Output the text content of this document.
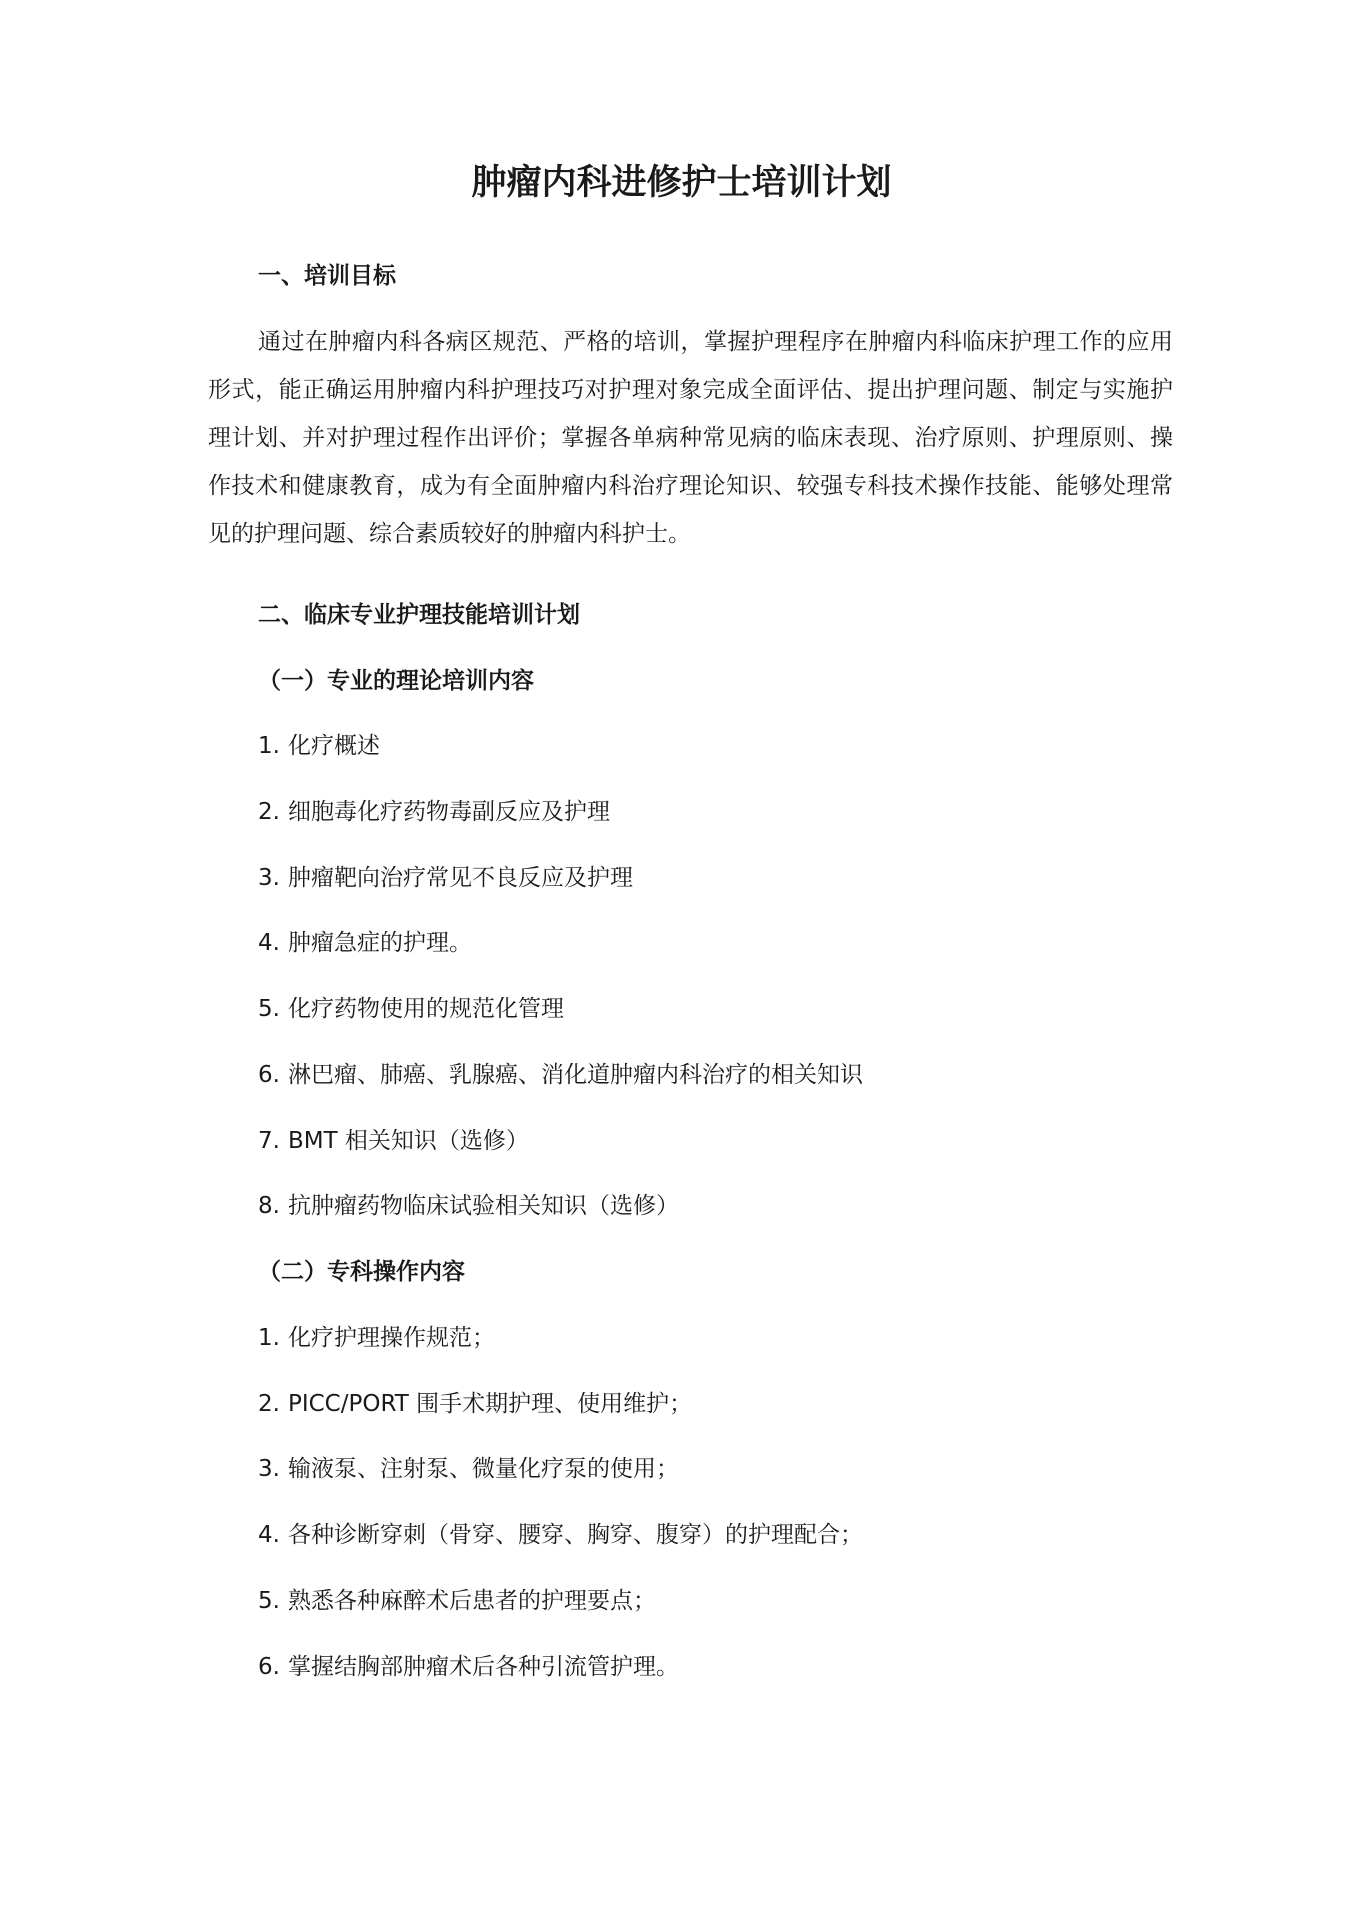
肿瘤内科进修护士培训计划
一、培训目标

通过在肿瘤内科各病区规范、严格的培训，掌握护理程序在肿瘤内科临床护理工作的应用形式，能正确运用肿瘤内科护理技巧对护理对象完成全面评估、提出护理问题、制定与实施护理计划、并对护理过程作出评价；掌握各单病种常见病的临床表现、治疗原则、护理原则、操作技术和健康教育，成为有全面肿瘤内科治疗理论知识、较强专科技术操作技能、能够处理常见的护理问题、综合素质较好的肿瘤内科护士。

二、临床专业护理技能培训计划
（一）专业的理论培训内容

1. 化疗概述

2. 细胞毒化疗药物毒副反应及护理

3. 肿瘤靶向治疗常见不良反应及护理

4. 肿瘤急症的护理。

5. 化疗药物使用的规范化管理

6. 淋巴瘤、肺癌、乳腺癌、消化道肿瘤内科治疗的相关知识

7. BMT 相关知识（选修）

8. 抗肿瘤药物临床试验相关知识（选修）

（二）专科操作内容

1. 化疗护理操作规范；

2. PICC/PORT 围手术期护理、使用维护；

3. 输液泵、注射泵、微量化疗泵的使用；

4. 各种诊断穿刺（骨穿、腰穿、胸穿、腹穿）的护理配合；

5. 熟悉各种麻醉术后患者的护理要点；

6. 掌握结胸部肿瘤术后各种引流管护理。
